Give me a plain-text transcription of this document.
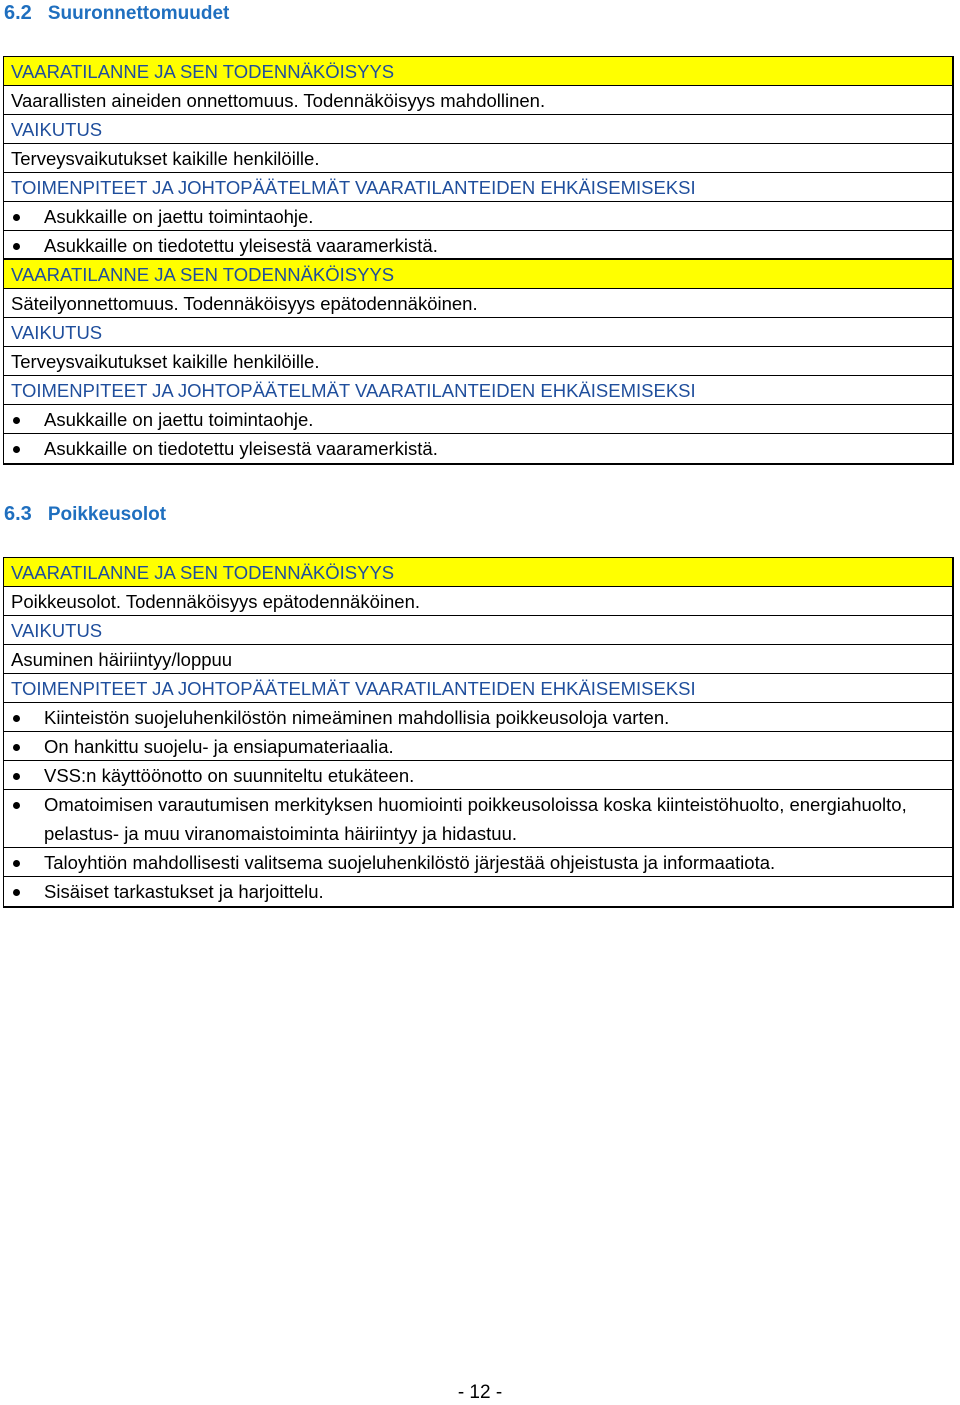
6.2 Suuronnettomuudet
VAARATILANNE JA SEN TODENNÄKÖISYYS
Vaarallisten aineiden onnettomuus. Todennäköisyys mahdollinen.
VAIKUTUS
Terveysvaikutukset kaikille henkilöille.
TOIMENPITEET JA JOHTOPÄÄTELMÄT VAARATILANTEIDEN EHKÄISEMISEKSI
Asukkaille on jaettu toimintaohje.
Asukkaille on tiedotettu yleisestä vaaramerkistä.
VAARATILANNE JA SEN TODENNÄKÖISYYS
Säteilyonnettomuus. Todennäköisyys epätodennäköinen.
VAIKUTUS
Terveysvaikutukset kaikille henkilöille.
TOIMENPITEET JA JOHTOPÄÄTELMÄT VAARATILANTEIDEN EHKÄISEMISEKSI
Asukkaille on jaettu toimintaohje.
Asukkaille on tiedotettu yleisestä vaaramerkistä.
6.3 Poikkeusolot
VAARATILANNE JA SEN TODENNÄKÖISYYS
Poikkeusolot. Todennäköisyys epätodennäköinen.
VAIKUTUS
Asuminen häiriintyy/loppuu
TOIMENPITEET JA JOHTOPÄÄTELMÄT VAARATILANTEIDEN EHKÄISEMISEKSI
Kiinteistön suojeluhenkilöstön nimeäminen mahdollisia poikkeusoloja varten.
On hankittu suojelu- ja ensiapumateriaalia.
VSS:n käyttöönotto on suunniteltu etukäteen.
Omatoimisen varautumisen merkityksen huomiointi poikkeusoloissa koska kiinteistöhuolto, energiahuolto, pelastus- ja muu viranomaistoiminta häiriintyy ja hidastuu.
Taloyhtiön mahdollisesti valitsema suojeluhenkilöstö järjestää ohjeistusta ja informaatiota.
Sisäiset tarkastukset ja harjoittelu.
- 12 -
